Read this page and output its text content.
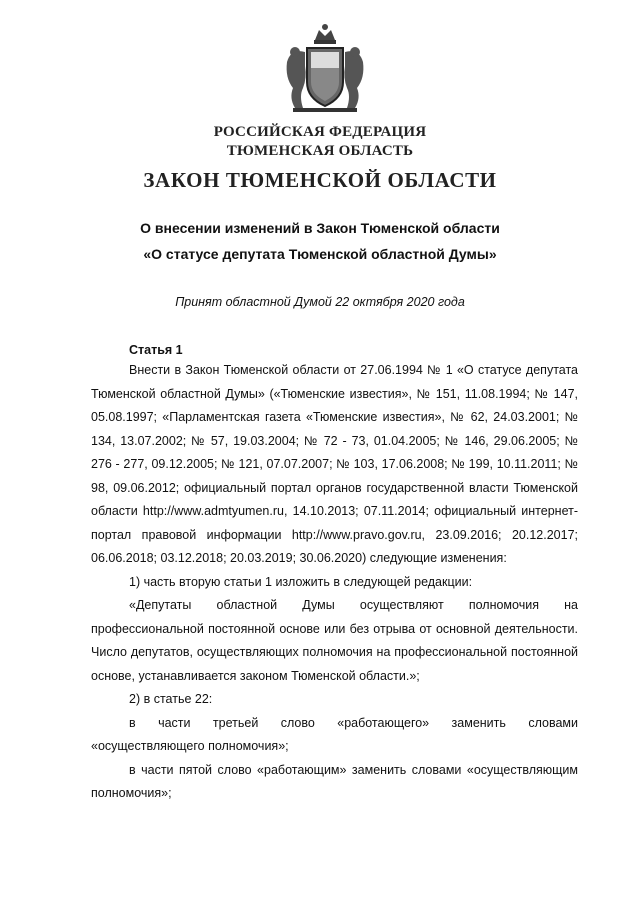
РОССИЙСКАЯ ФЕДЕРАЦИЯ
ТЮМЕНСКАЯ ОБЛАСТЬ
ЗАКОН ТЮМЕНСКОЙ ОБЛАСТИ
О внесении изменений в Закон Тюменской области
«О статусе депутата Тюменской областной Думы»
Принят областной Думой 22 октября 2020 года
Статья 1

Внести в Закон Тюменской области от 27.06.1994 № 1 «О статусе депутата Тюменской областной Думы» («Тюменские известия», № 151, 11.08.1994; № 147, 05.08.1997; «Парламентская газета «Тюменские известия», № 62, 24.03.2001; № 134, 13.07.2002; № 57, 19.03.2004; № 72 - 73, 01.04.2005; № 146, 29.06.2005; № 276 - 277, 09.12.2005; № 121, 07.07.2007; № 103, 17.06.2008; № 199, 10.11.2011; № 98, 09.06.2012; официальный портал органов государственной власти Тюменской области http://www.admtyumen.ru, 14.10.2013; 07.11.2014; официальный интернет-портал правовой информации http://www.pravo.gov.ru, 23.09.2016; 20.12.2017; 06.06.2018; 03.12.2018; 20.03.2019; 30.06.2020) следующие изменения:

1) часть вторую статьи 1 изложить в следующей редакции:

«Депутаты областной Думы осуществляют полномочия на профессиональной постоянной основе или без отрыва от основной деятельности. Число депутатов, осуществляющих полномочия на профессиональной постоянной основе, устанавливается законом Тюменской области.»;

2) в статье 22:

в части третьей слово «работающего» заменить словами «осуществляющего полномочия»;

в части пятой слово «работающим» заменить словами «осуществляющим полномочия»;
